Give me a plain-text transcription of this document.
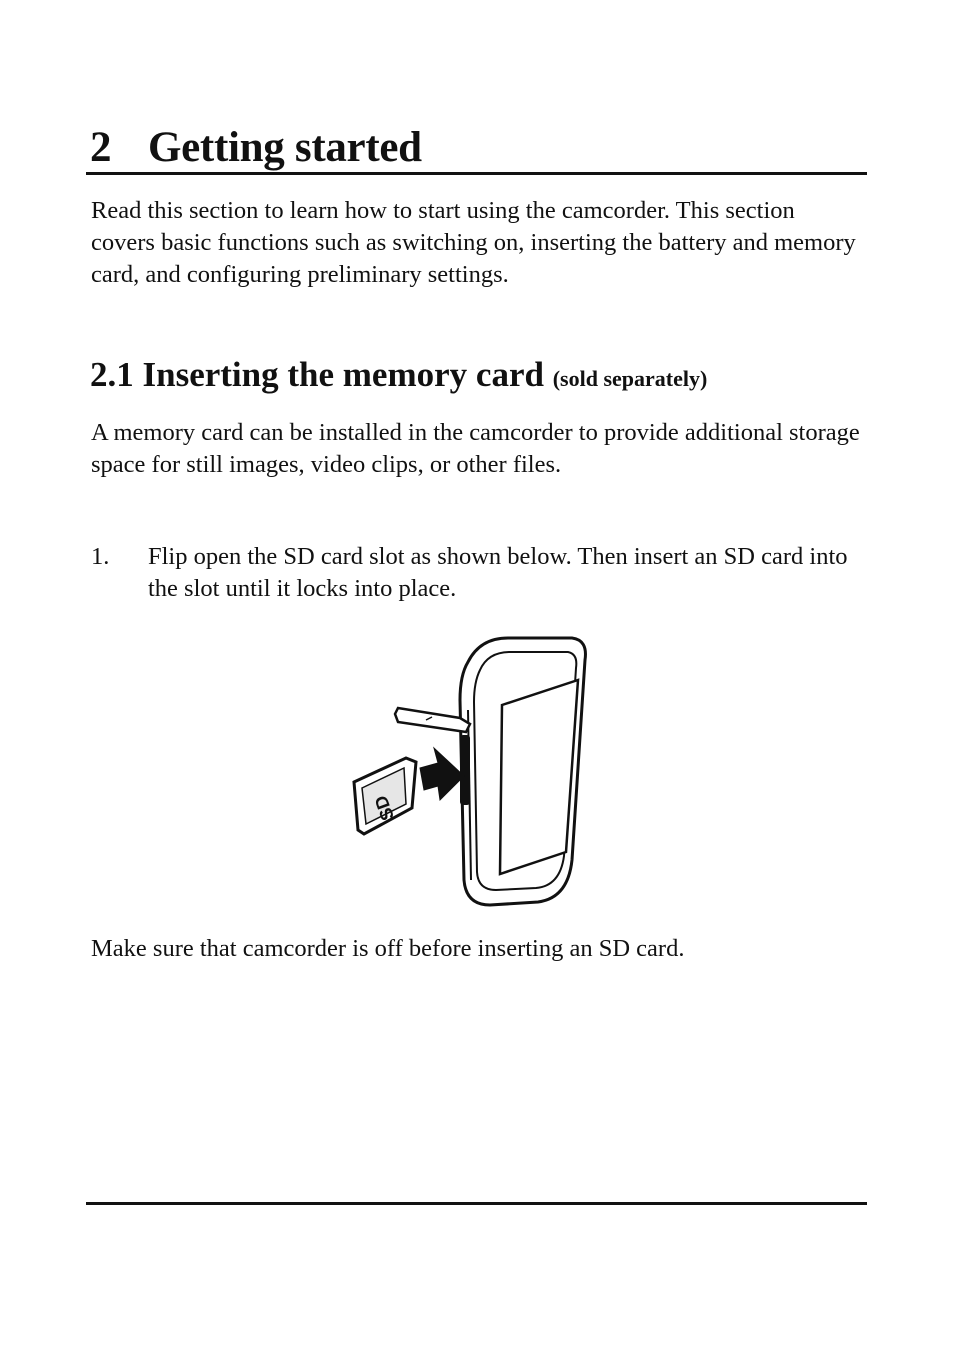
2 Getting started

Read this section to learn how to start using the camcorder. This section covers basic functions such as switching on, inserting the battery and memory card, and configuring preliminary settings.

2.1 Inserting the memory card (sold separately)

A memory card can be installed in the camcorder to provide additional storage space for still images, video clips, or other files.

1.	Flip open the SD card slot as shown below. Then insert an SD card into the slot until it locks into place.
SD

Make sure that camcorder is off before inserting an SD card.
